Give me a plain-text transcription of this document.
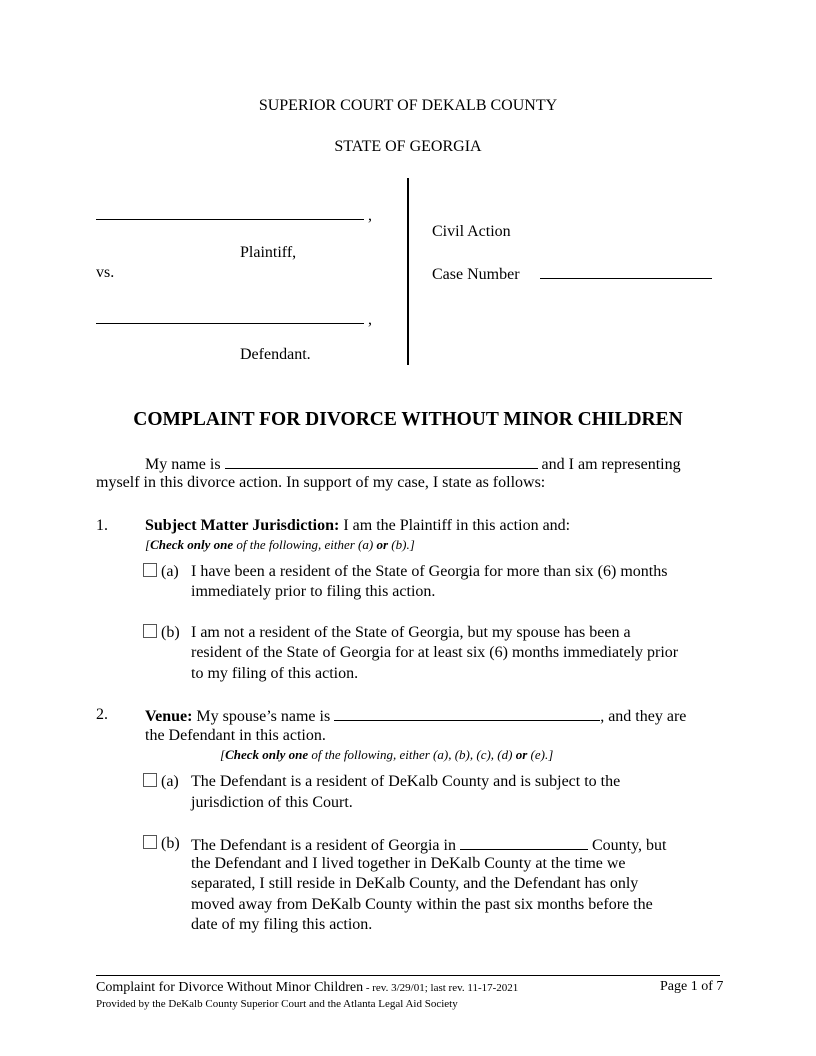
SUPERIOR COURT OF DEKALB COUNTY
STATE OF GEORGIA
,
Civil Action
Plaintiff,
vs.	Case Number
,
Defendant.
COMPLAINT FOR DIVORCE WITHOUT MINOR CHILDREN
My name is	and I am representing
myself in this divorce action. In support of my case, I state as follows:
1. Subject Matter Jurisdiction: I am the Plaintiff in this action and:
[Check only one of the following, either (a) or (b).]
(a) I have been a resident of the State of Georgia for more than six (6) months
immediately prior to filing this action.
(b) I am not a resident of the State of Georgia, but my spouse has been a
resident of the State of Georgia for at least six (6) months immediately prior
to my filing of this action.
2. Venue: My spouse’s name is	, and they are
the Defendant in this action.
[Check only one of the following, either (a), (b), (c), (d) or (e).]
(a) The Defendant is a resident of DeKalb County and is subject to the
jurisdiction of this Court.
(b) The Defendant is a resident of Georgia in	County, but
the Defendant and I lived together in DeKalb County at the time we
separated, I still reside in DeKalb County, and the Defendant has only
moved away from DeKalb County within the past six months before the
date of my filing this action.
Complaint for Divorce Without Minor Children - rev. 3/29/01; last rev. 11-17-2021	Page 1 of 7
Provided by the DeKalb County Superior Court and the Atlanta Legal Aid Society
